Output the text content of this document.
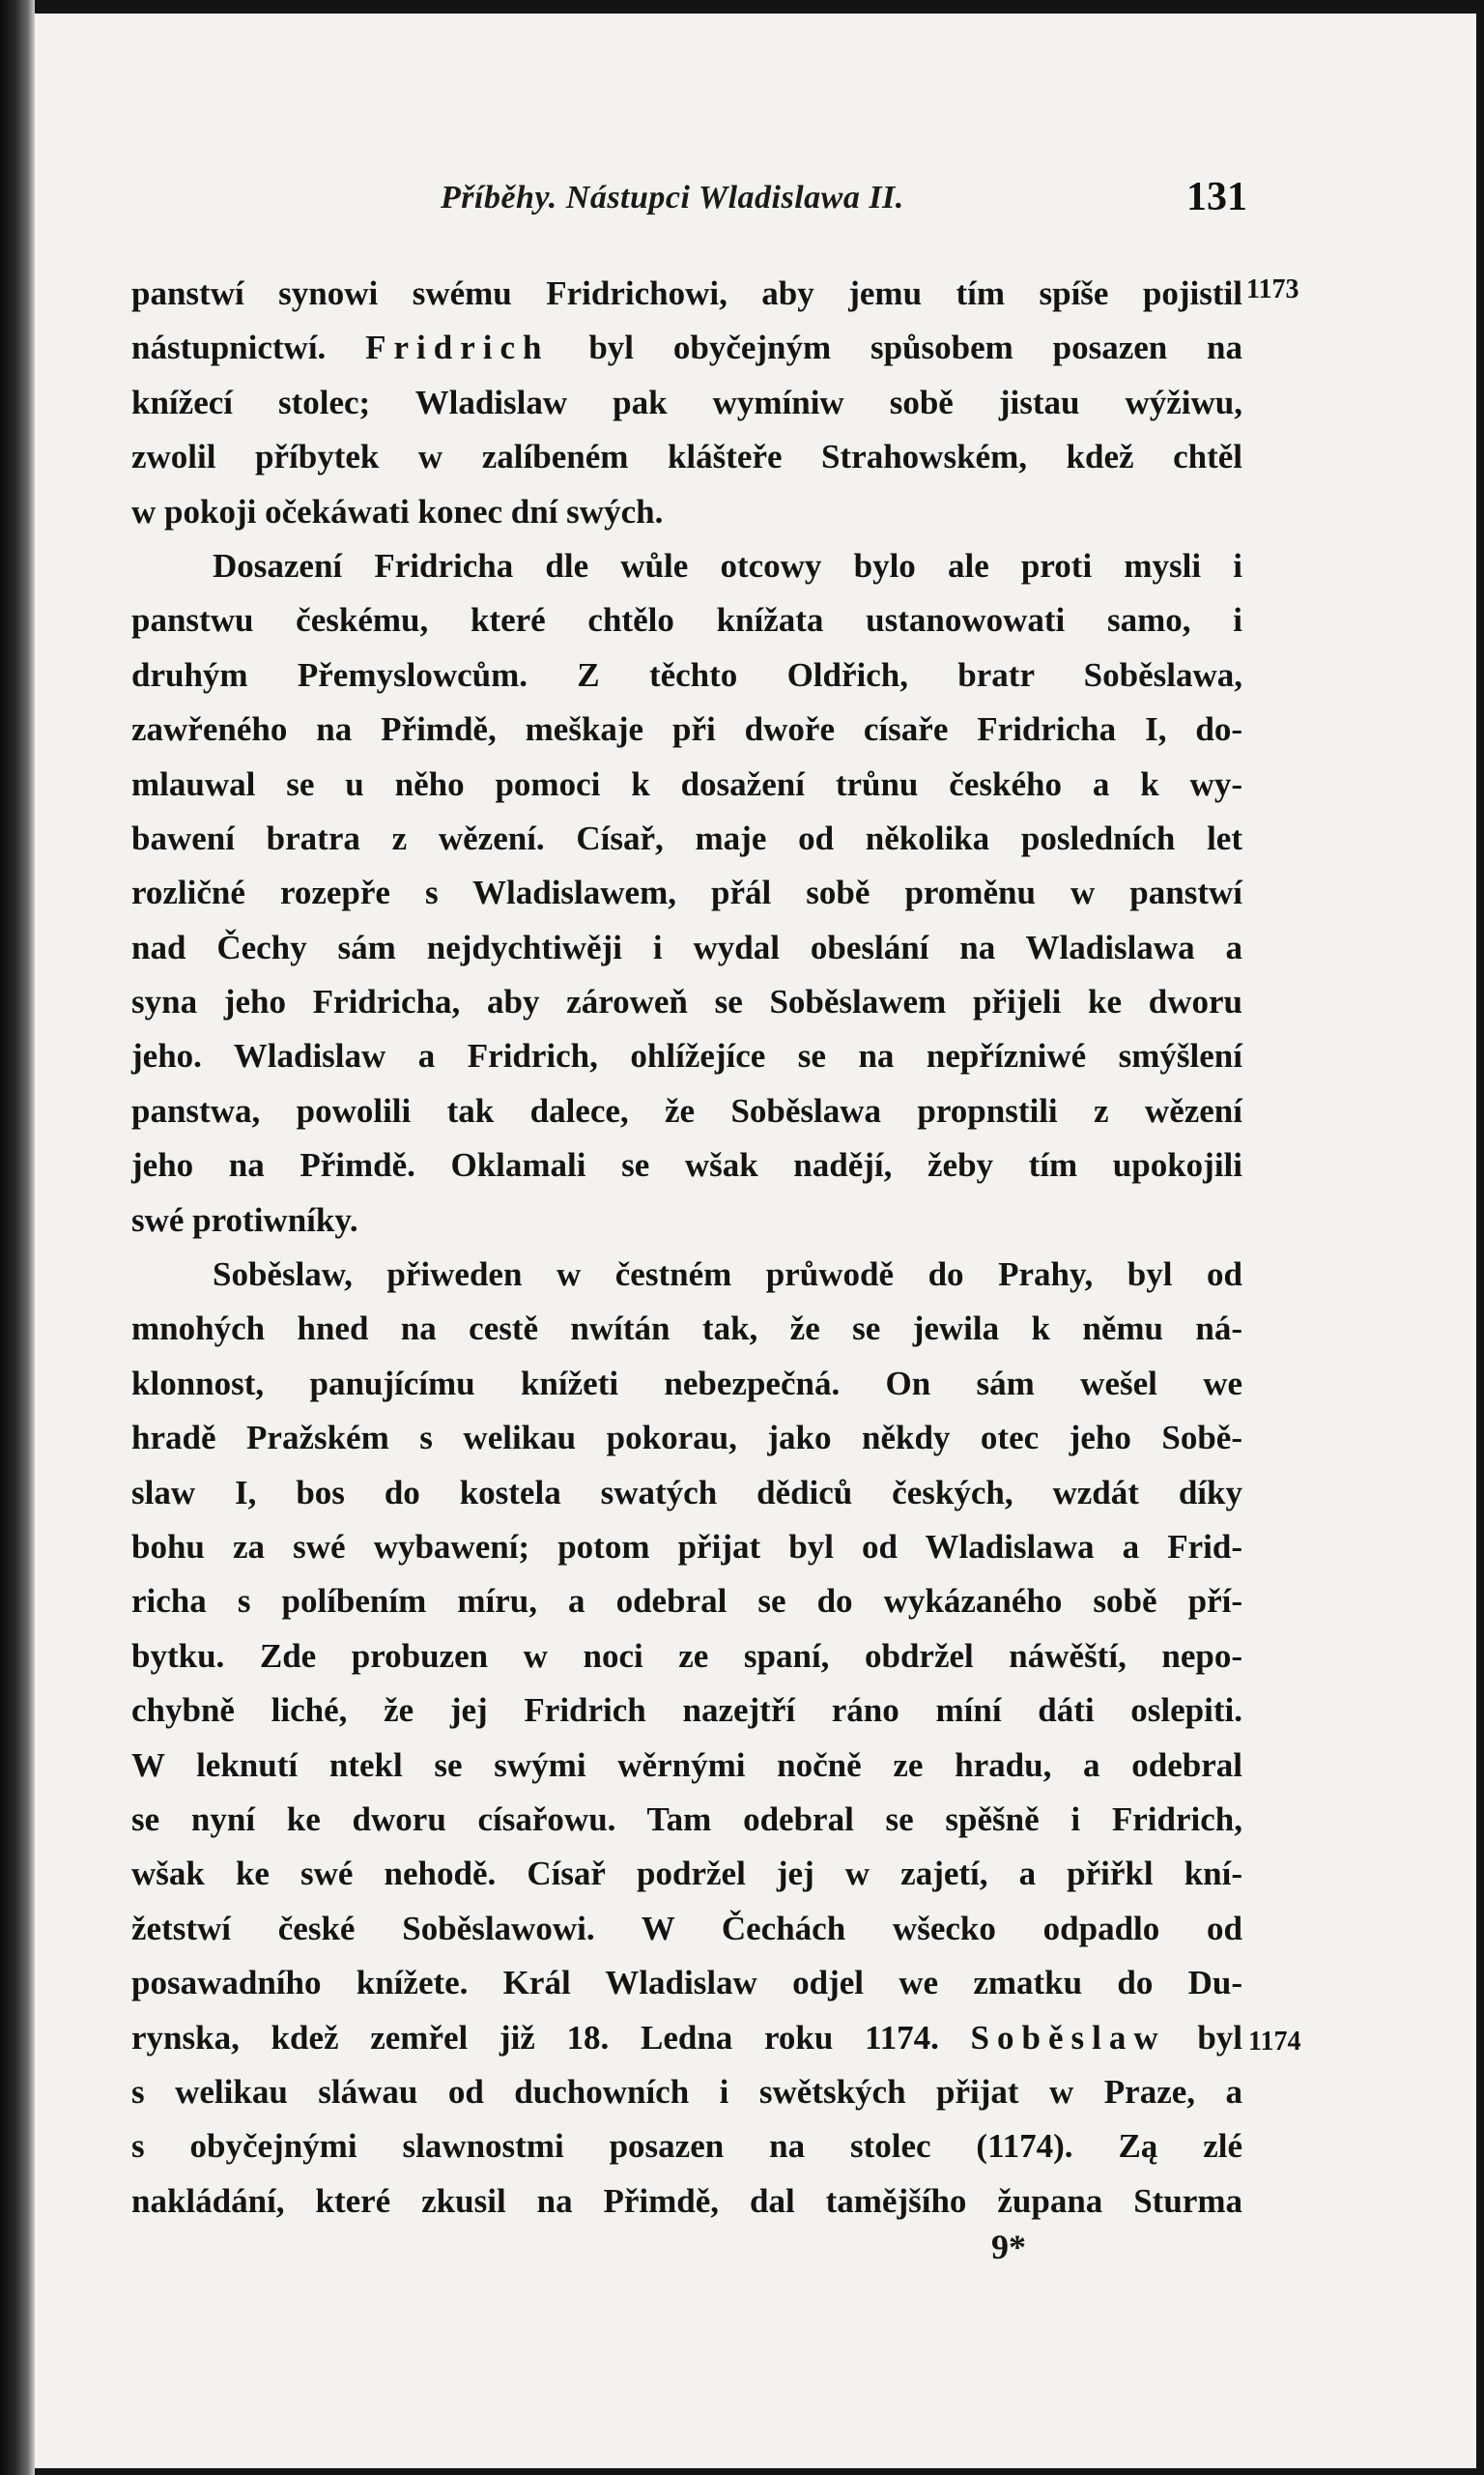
Příběhy. Nástupci Wladislawa II.	131
1173
1174
panstwí synowi swému Fridrichowi, aby jemu tím spíše pojistil
nástupnictwí. Fridrich byl obyčejným spůsobem posazen na
knížecí stolec; Wladislaw pak wymíniw sobě jistau wýžiwu,
zwolil příbytek w zalíbeném klášteře Strahowském, kdež chtěl
w pokoji očekáwati konec dní swých.
Dosazení Fridricha dle wůle otcowy bylo ale proti mysli i
panstwu českému, které chtělo knížata ustanowowati samo, i
druhým Přemyslowcům. Z těchto Oldřich, bratr Soběslawa,
zawřeného na Přimdě, meškaje při dwoře císaře Fridricha I, do-
mlauwal se u něho pomoci k dosažení trůnu českého a k wy-
bawení bratra z wězení. Císař, maje od několika posledních let
rozličné rozepře s Wladislawem, přál sobě proměnu w panstwí
nad Čechy sám nejdychtiwěji i wydal obeslání na Wladislawa a
syna jeho Fridricha, aby zároweň se Soběslawem přijeli ke dworu
jeho. Wladislaw a Fridrich, ohlížejíce se na nepřízniwé smýšlení
panstwa, powolili tak dalece, že Soběslawa propnstili z wězení
jeho na Přimdě. Oklamali se wšak nadějí, žeby tím upokojili
swé protiwníky.
Soběslaw, přiweden w čestném průwodě do Prahy, byl od
mnohých hned na cestě nwítán tak, že se jewila k němu ná-
klonnost, panujícímu knížeti nebezpečná. On sám wešel we
hradě Pražském s welikau pokorau, jako někdy otec jeho Sobě-
slaw I, bos do kostela swatých dědiců českých, wzdát díky
bohu za swé wybawení; potom přijat byl od Wladislawa a Frid-
richa s políbením míru, a odebral se do wykázaného sobě pří-
bytku. Zde probuzen w noci ze spaní, obdržel náwěští, nepo-
chybně liché, že jej Fridrich nazejtří ráno míní dáti oslepiti.
W leknutí ntekl se swými wěrnými nočně ze hradu, a odebral
se nyní ke dworu císařowu. Tam odebral se spěšně i Fridrich,
wšak ke swé nehodě. Císař podržel jej w zajetí, a přiřkl kní-
žetstwí české Soběslawowi. W Čechách wšecko odpadlo od
posawadního knížete. Král Wladislaw odjel we zmatku do Du-
rynska, kdež zemřel již 18. Ledna roku 1174. Soběslaw byl
s welikau sláwau od duchowních i swětských přijat w Praze, a
s obyčejnými slawnostmi posazen na stolec (1174). Zą zlé
nakládání, které zkusil na Přimdě, dal tamějšího župana Sturma
9*
